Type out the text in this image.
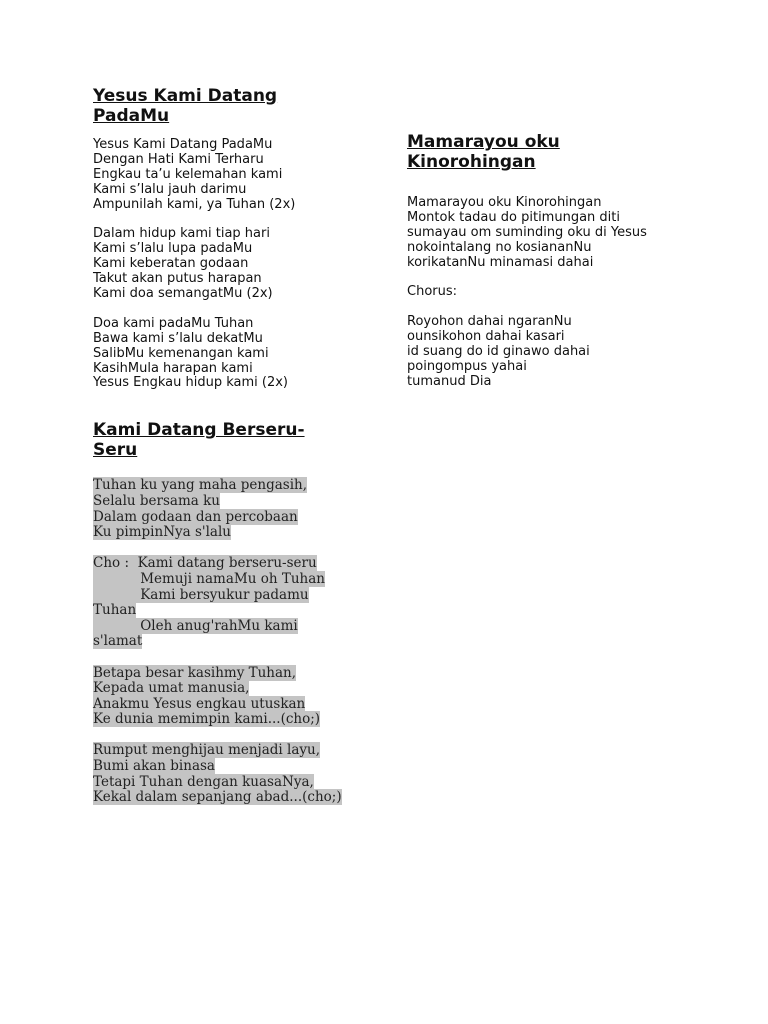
Yesus Kami Datang
PadaMu
Yesus Kami Datang PadaMu
Dengan Hati Kami Terharu
Engkau ta’u kelemahan kami
Kami s’lalu jauh darimu
Ampunilah kami, ya Tuhan (2x)
Dalam hidup kami tiap hari
Kami s’lalu lupa padaMu
Kami keberatan godaan
Takut akan putus harapan
Kami doa semangatMu (2x)
Doa kami padaMu Tuhan
Bawa kami s’lalu dekatMu
SalibMu kemenangan kami
KasihMula harapan kami
Yesus Engkau hidup kami (2x)
Kami Datang Berseru-
Seru
Tuhan ku yang maha pengasih,
Selalu bersama ku
Dalam godaan dan percobaan
Ku pimpinNya s'lalu
Cho :  Kami datang berseru-seru
Memuji namaMu oh Tuhan
Kami bersyukur padamu
Tuhan
Oleh anug'rahMu kami
s'lamat
Betapa besar kasihmy Tuhan,
Kepada umat manusia,
Anakmu Yesus engkau utuskan
Ke dunia memimpin kami...(cho;)
Rumput menghijau menjadi layu,
Bumi akan binasa
Tetapi Tuhan dengan kuasaNya,
Kekal dalam sepanjang abad...(cho;)
Mamarayou oku
Kinorohingan
Mamarayou oku Kinorohingan
Montok tadau do pitimungan diti
sumayau om suminding oku di Yesus
nokointalang no kosiananNu
korikatanNu minamasi dahai
Chorus:
Royohon dahai ngaranNu
ounsikohon dahai kasari
id suang do id ginawo dahai
poingompus yahai
tumanud Dia
